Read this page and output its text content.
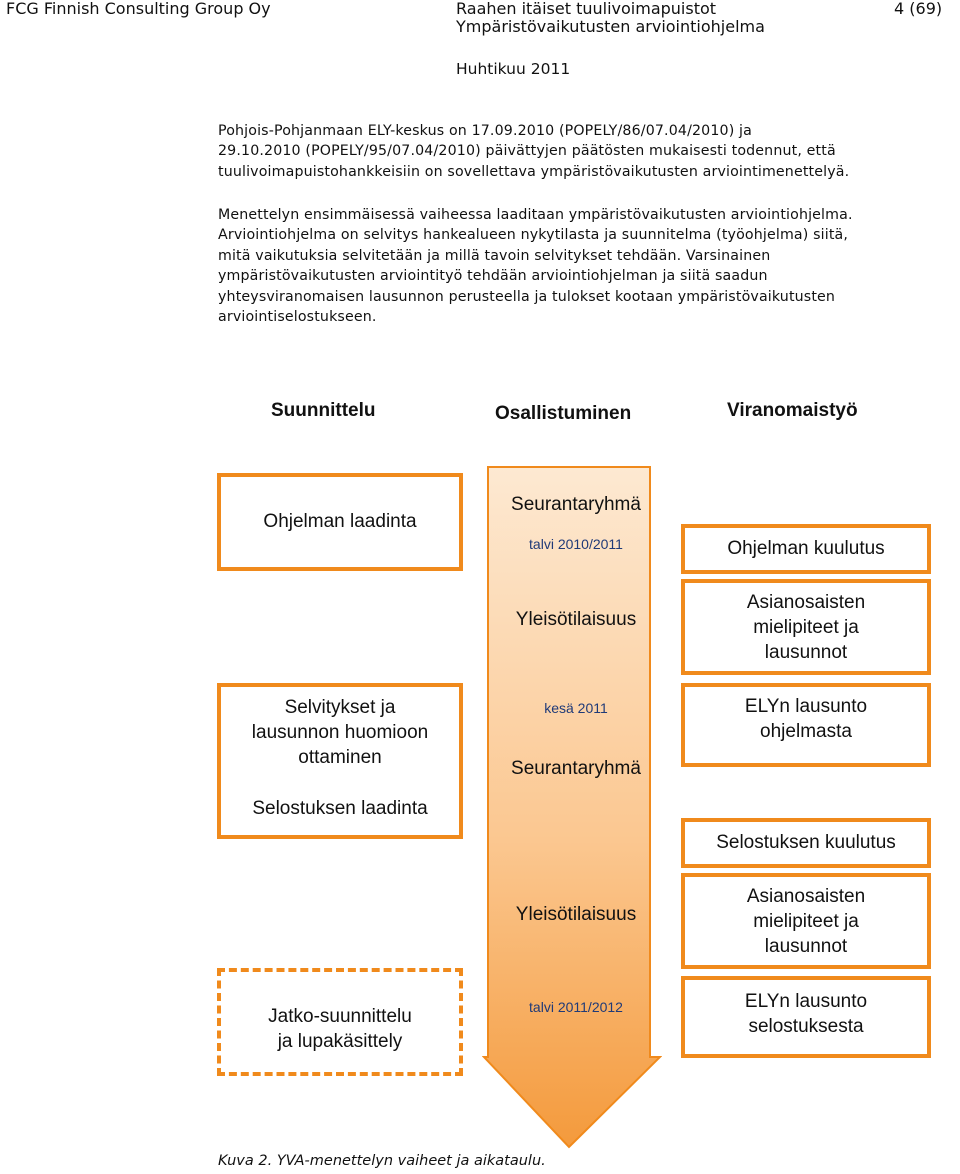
FCG Finnish Consulting Group Oy	Raahen itäiset tuulivoimapuistot
Ympäristövaikutusten arviointiohjelma
4 (69)
Huhtikuu 2011
Pohjois-Pohjanmaan ELY-keskus on 17.09.2010 (POPELY/86/07.04/2010) ja
29.10.2010 (POPELY/95/07.04/2010) päivättyjen päätösten mukaisesti todennut, että
tuulivoimapuistohankkeisiin on sovellettava ympäristövaikutusten arviointimenettelyä.
Menettelyn ensimmäisessä vaiheessa laaditaan ympäristövaikutusten arviointiohjelma.
Arviointiohjelma on selvitys hankealueen nykytilasta ja suunnitelma (työohjelma) siitä,
mitä vaikutuksia selvitetään ja millä tavoin selvitykset tehdään. Varsinainen
ympäristövaikutusten arviointityö tehdään arviointiohjelman ja siitä saadun
yhteysviranomaisen lausunnon perusteella ja tulokset kootaan ympäristövaikutusten
arviointiselostukseen.
Suunnittelu	Osallistuminen	Viranomaistyö
Seurantaryhmä
talvi 2010/2011
Yleisötilaisuus
kesä 2011
Seurantaryhmä
Yleisötilaisuus
talvi 2011/2012
Ohjelman laadinta
Selvitykset ja
lausunnon huomioon
ottaminen
Selostuksen laadinta
Jatko-suunnittelu
ja lupakäsittely
Ohjelman kuulutus
Asianosaisten
mielipiteet ja
lausunnot
ELYn lausunto
ohjelmasta
Selostuksen kuulutus
Asianosaisten
mielipiteet ja
lausunnot
ELYn lausunto
selostuksesta
Kuva 2. YVA-menettelyn vaiheet ja aikataulu.
